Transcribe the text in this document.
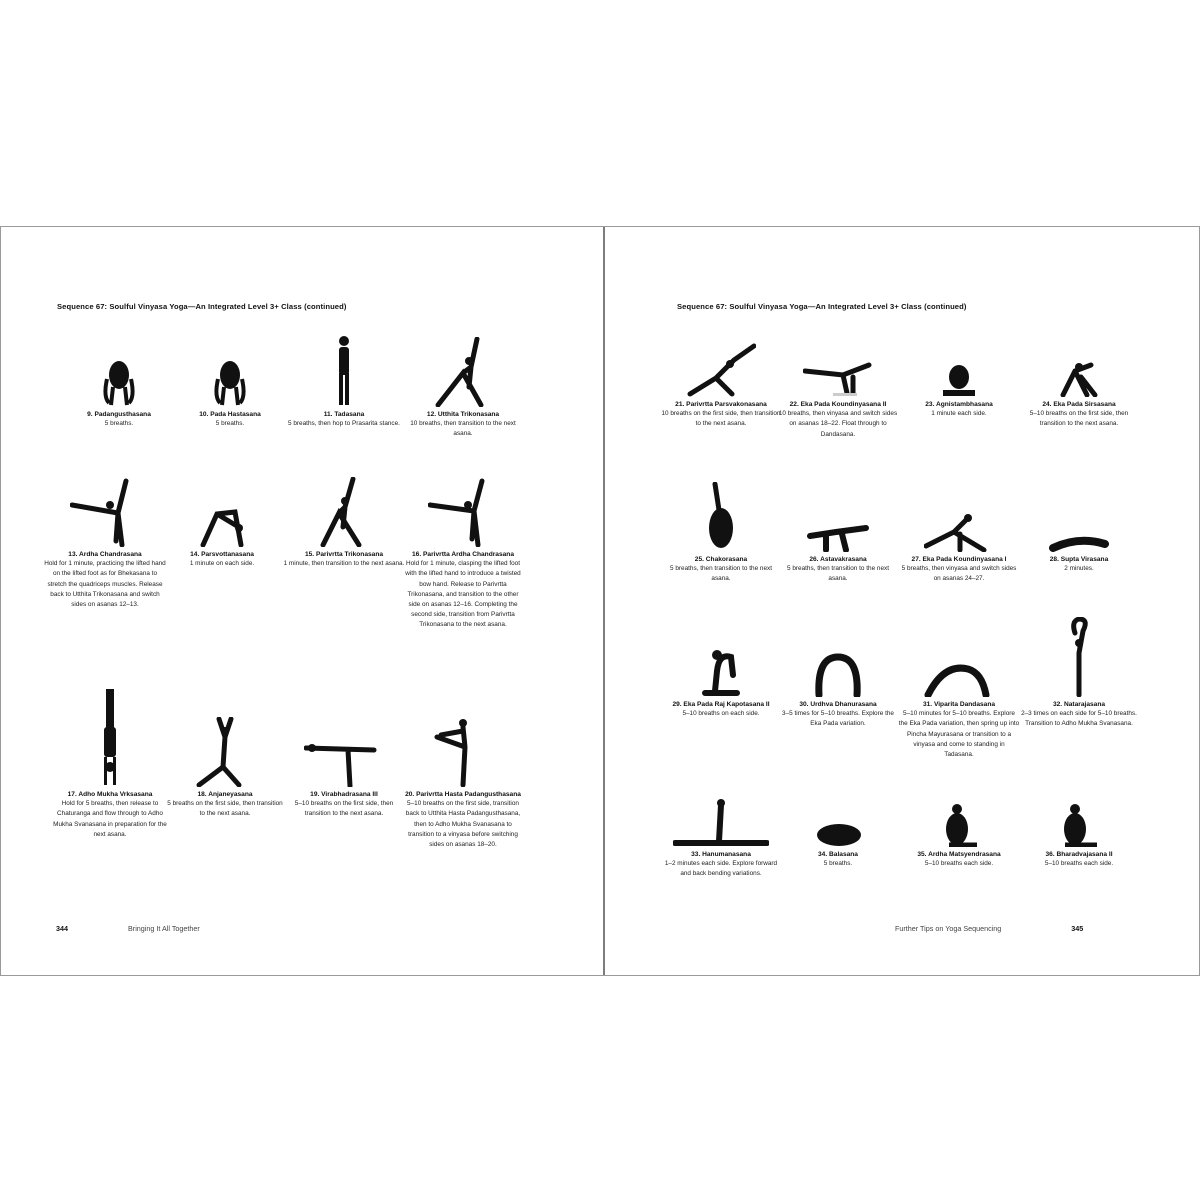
Sequence 67: Soulful Vinyasa Yoga—An Integrated Level 3+ Class (continued)
9. Padangusthasana
5 breaths.
10. Pada Hastasana
5 breaths.
11. Tadasana
5 breaths, then hop to Prasarita stance.
12. Utthita Trikonasana
10 breaths, then transition to the next asana.
13. Ardha Chandrasana
Hold for 1 minute, practicing the lifted hand on the lifted foot as for Bhekasana to stretch the quadriceps muscles. Release back to Utthita Trikonasana and switch sides on asanas 12–13.
14. Parsvottanasana
1 minute on each side.
15. Parivrtta Trikonasana
1 minute, then transition to the next asana.
16. Parivrtta Ardha Chandrasana
Hold for 1 minute, clasping the lifted foot with the lifted hand to introduce a twisted bow hand. Release to Parivrtta Trikonasana, and transition to the other side on asanas 12–16. Completing the second side, transition from Parivrtta Trikonasana to the next asana.
17. Adho Mukha Vrksasana
Hold for 5 breaths, then release to Chaturanga and flow through to Adho Mukha Svanasana in preparation for the next asana.
18. Anjaneyasana
5 breaths on the first side, then transition to the next asana.
19. Virabhadrasana III
5–10 breaths on the first side, then transition to the next asana.
20. Parivrtta Hasta Padangusthasana
5–10 breaths on the first side, transition back to Utthita Hasta Padangusthasana, then to Adho Mukha Svanasana to transition to a vinyasa before switching sides on asanas 18–20.
344	Bringing It All Together
Sequence 67: Soulful Vinyasa Yoga—An Integrated Level 3+ Class (continued)
21. Parivrtta Parsvakonasana
10 breaths on the first side, then transition to the next asana.
22. Eka Pada Koundinyasana II
10 breaths, then vinyasa and switch sides on asanas 18–22. Float through to Dandasana.
23. Agnistambhasana
1 minute each side.
24. Eka Pada Sirsasana
5–10 breaths on the first side, then transition to the next asana.
25. Chakorasana
5 breaths, then transition to the next asana.
26. Astavakrasana
5 breaths, then transition to the next asana.
27. Eka Pada Koundinyasana I
5 breaths, then vinyasa and switch sides on asanas 24–27.
28. Supta Virasana
2 minutes.
29. Eka Pada Raj Kapotasana II
5–10 breaths on each side.
30. Urdhva Dhanurasana
3–5 times for 5–10 breaths. Explore the Eka Pada variation.
31. Viparita Dandasana
5–10 minutes for 5–10 breaths. Explore the Eka Pada variation, then spring up into Pincha Mayurasana or transition to a vinyasa and come to standing in Tadasana.
32. Natarajasana
2–3 times on each side for 5–10 breaths. Transition to Adho Mukha Svanasana.
33. Hanumanasana
1–2 minutes each side. Explore forward and back bending variations.
34. Balasana
5 breaths.
35. Ardha Matsyendrasana
5–10 breaths each side.
36. Bharadvajasana II
5–10 breaths each side.
Further Tips on Yoga Sequencing	345
